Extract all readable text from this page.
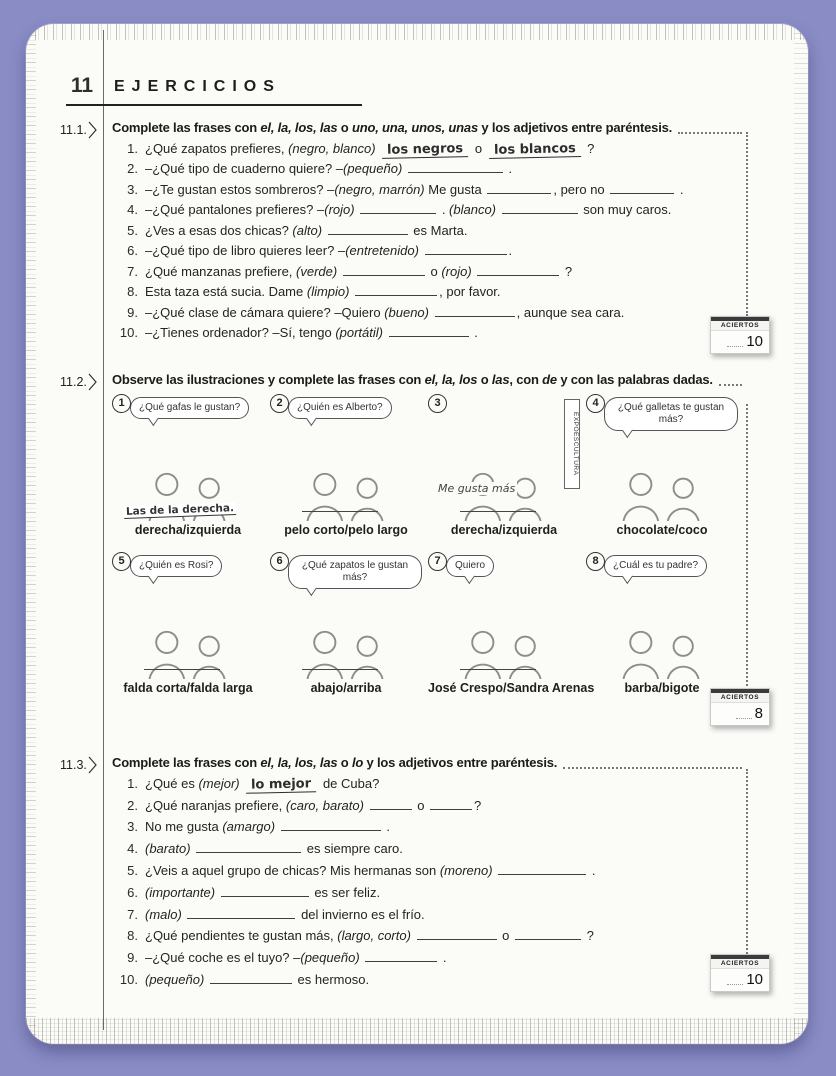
11	EJERCICIOS
11.1. Complete las frases con el, la, los, las o uno, una, unos, unas y los adjetivos entre paréntesis.
1. ¿Qué zapatos prefieres, (negro, blanco) los negros o los blancos ?
2. –¿Qué tipo de cuaderno quiere? –(pequeño)	.
3. –¿Te gustan estos sombreros? –(negro, marrón) Me gusta	, pero no	.
4. –¿Qué pantalones prefieres? –(rojo)	. (blanco)	son muy caros.
5. ¿Ves a esas dos chicas? (alto)	es Marta.
6. –¿Qué tipo de libro quieres leer? –(entretenido)	.
7. ¿Qué manzanas prefiere, (verde)	o (rojo)	?
8. Esta taza está sucia. Dame (limpio)	, por favor.
9. –¿Qué clase de cámara quiere? –Quiero (bueno)	, aunque sea cara.
10. –¿Tienes ordenador? –Sí, tengo (portátil)	.
11.2. Observe las ilustraciones y complete las frases con el, la, los o las, con de y con las palabras dadas.
1	¿Qué gafas le gustan?
Las de la derecha.
derecha/izquierda
2	¿Quién es Alberto?
pelo corto/pelo largo
3
Me gusta más
EXPOESCULTURA
derecha/izquierda
4	¿Qué galletas te gustan más?
chocolate/coco
5	¿Quién es Rosi?
falda corta/falda larga
6	¿Qué zapatos le gustan más?
abajo/arriba
7	Quiero
José Crespo/Sandra Arenas
8	¿Cuál es tu padre?
barba/bigote
11.3. Complete las frases con el, la, los, las o lo y los adjetivos entre paréntesis.
1. ¿Qué es (mejor) lo mejor de Cuba?
2. ¿Qué naranjas prefiere, (caro, barato)	o	?
3. No me gusta (amargo)	.
4. (barato)	es siempre caro.
5. ¿Veis a aquel grupo de chicas? Mis hermanas son (moreno)	.
6. (importante)	es ser feliz.
7. (malo)	del invierno es el frío.
8. ¿Qué pendientes te gustan más, (largo, corto)	o	?
9. –¿Qué coche es el tuyo? –(pequeño)	.
10. (pequeño)	es hermoso.
ACIERTOS
10
ACIERTOS
8
ACIERTOS
10
